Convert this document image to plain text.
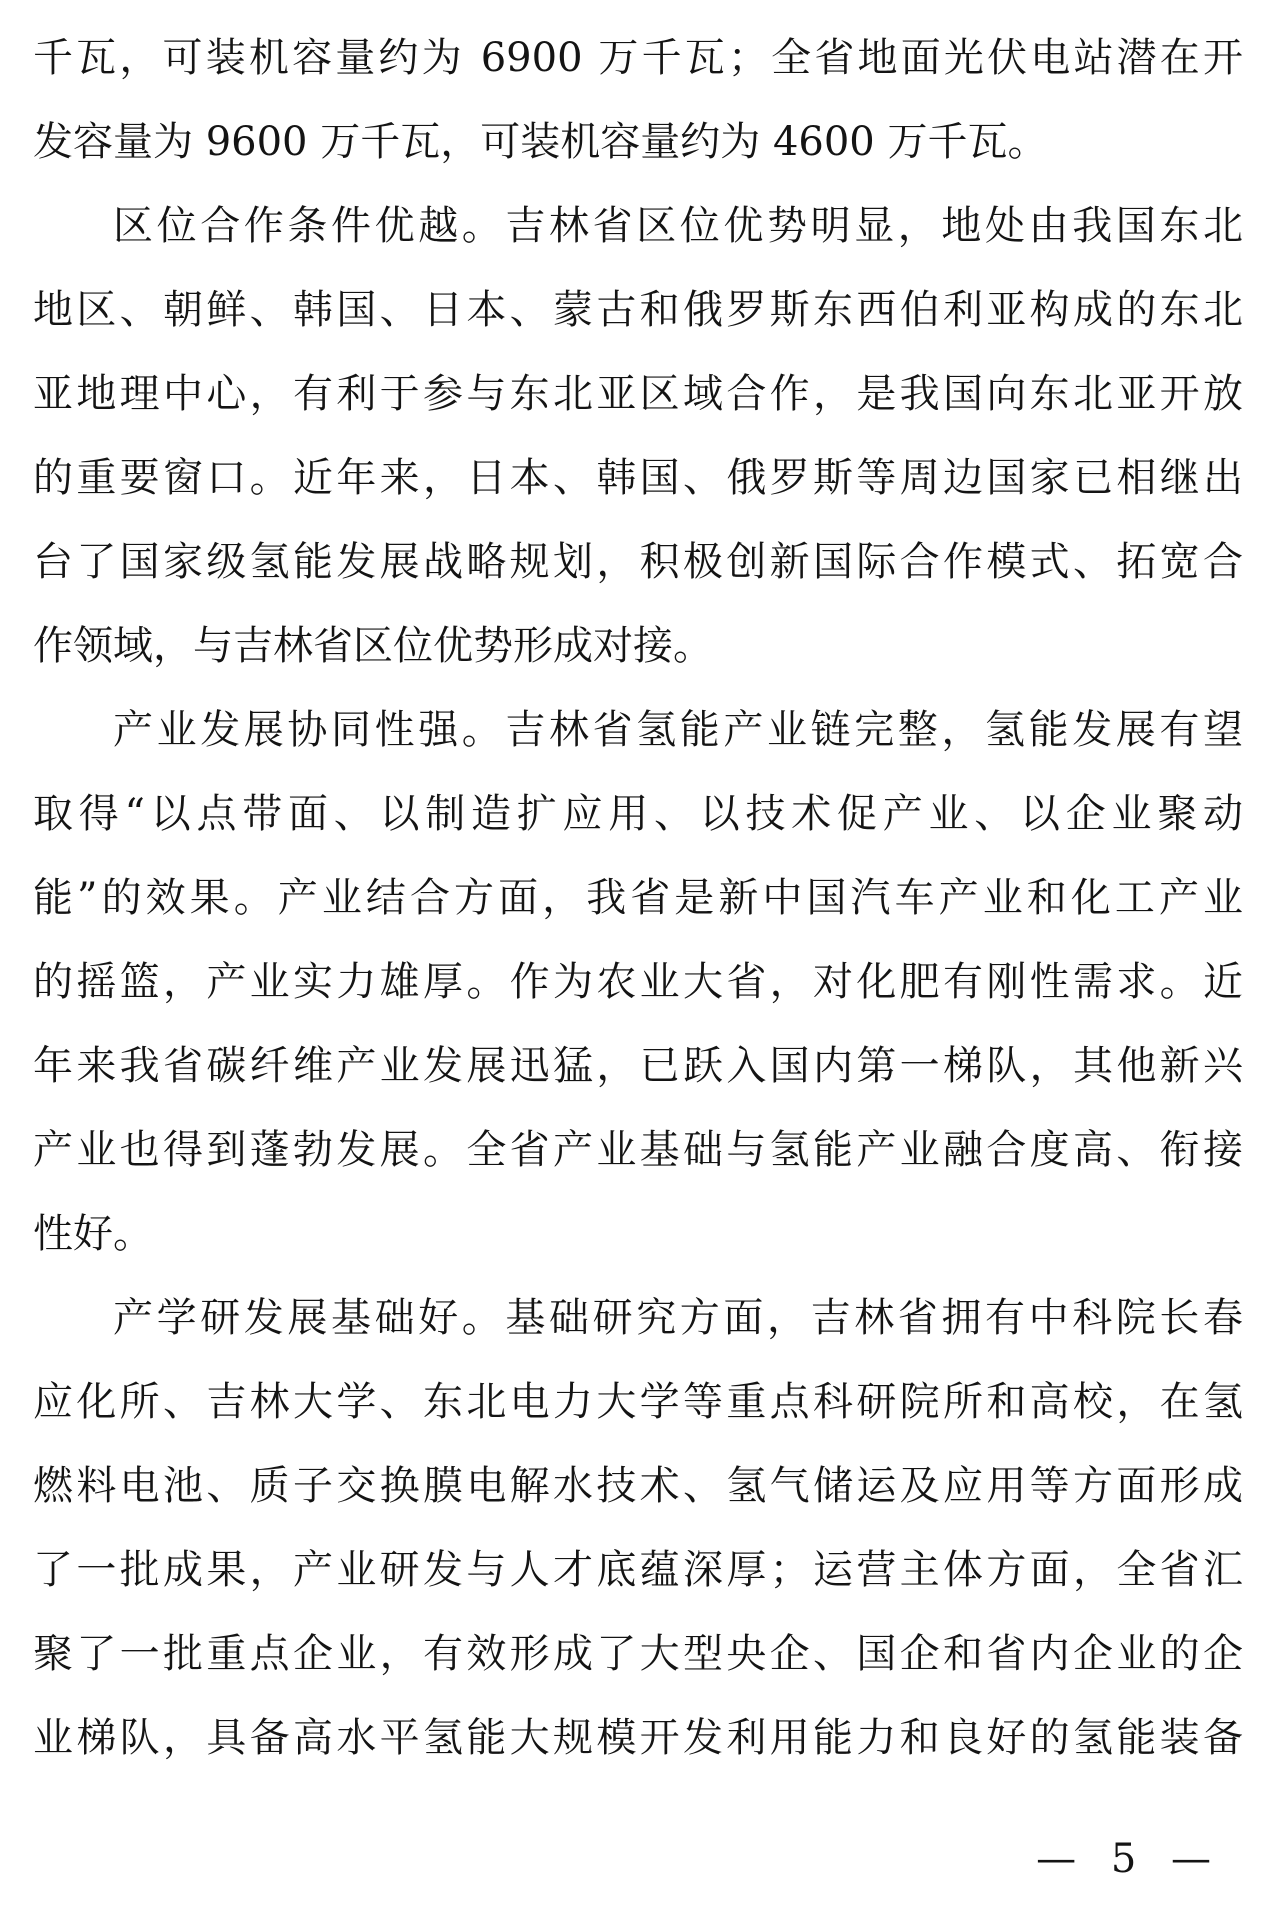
千瓦，可装机容量约为 6900 万千瓦；全省地面光伏电站潜在开
发容量为 9600 万千瓦，可装机容量约为 4600 万千瓦。
区位合作条件优越。吉林省区位优势明显，地处由我国东北
地区、朝鲜、韩国、日本、蒙古和俄罗斯东西伯利亚构成的东北
亚地理中心，有利于参与东北亚区域合作，是我国向东北亚开放
的重要窗口。近年来，日本、韩国、俄罗斯等周边国家已相继出
台了国家级氢能发展战略规划，积极创新国际合作模式、拓宽合
作领域，与吉林省区位优势形成对接。
产业发展协同性强。吉林省氢能产业链完整，氢能发展有望
取得“以点带面、以制造扩应用、以技术促产业、以企业聚动
能”的效果。产业结合方面，我省是新中国汽车产业和化工产业
的摇篮，产业实力雄厚。作为农业大省，对化肥有刚性需求。近
年来我省碳纤维产业发展迅猛，已跃入国内第一梯队，其他新兴
产业也得到蓬勃发展。全省产业基础与氢能产业融合度高、衔接
性好。
产学研发展基础好。基础研究方面，吉林省拥有中科院长春
应化所、吉林大学、东北电力大学等重点科研院所和高校，在氢
燃料电池、质子交换膜电解水技术、氢气储运及应用等方面形成
了一批成果，产业研发与人才底蕴深厚；运营主体方面，全省汇
聚了一批重点企业，有效形成了大型央企、国企和省内企业的企
业梯队，具备高水平氢能大规模开发利用能力和良好的氢能装备
— 5 —
